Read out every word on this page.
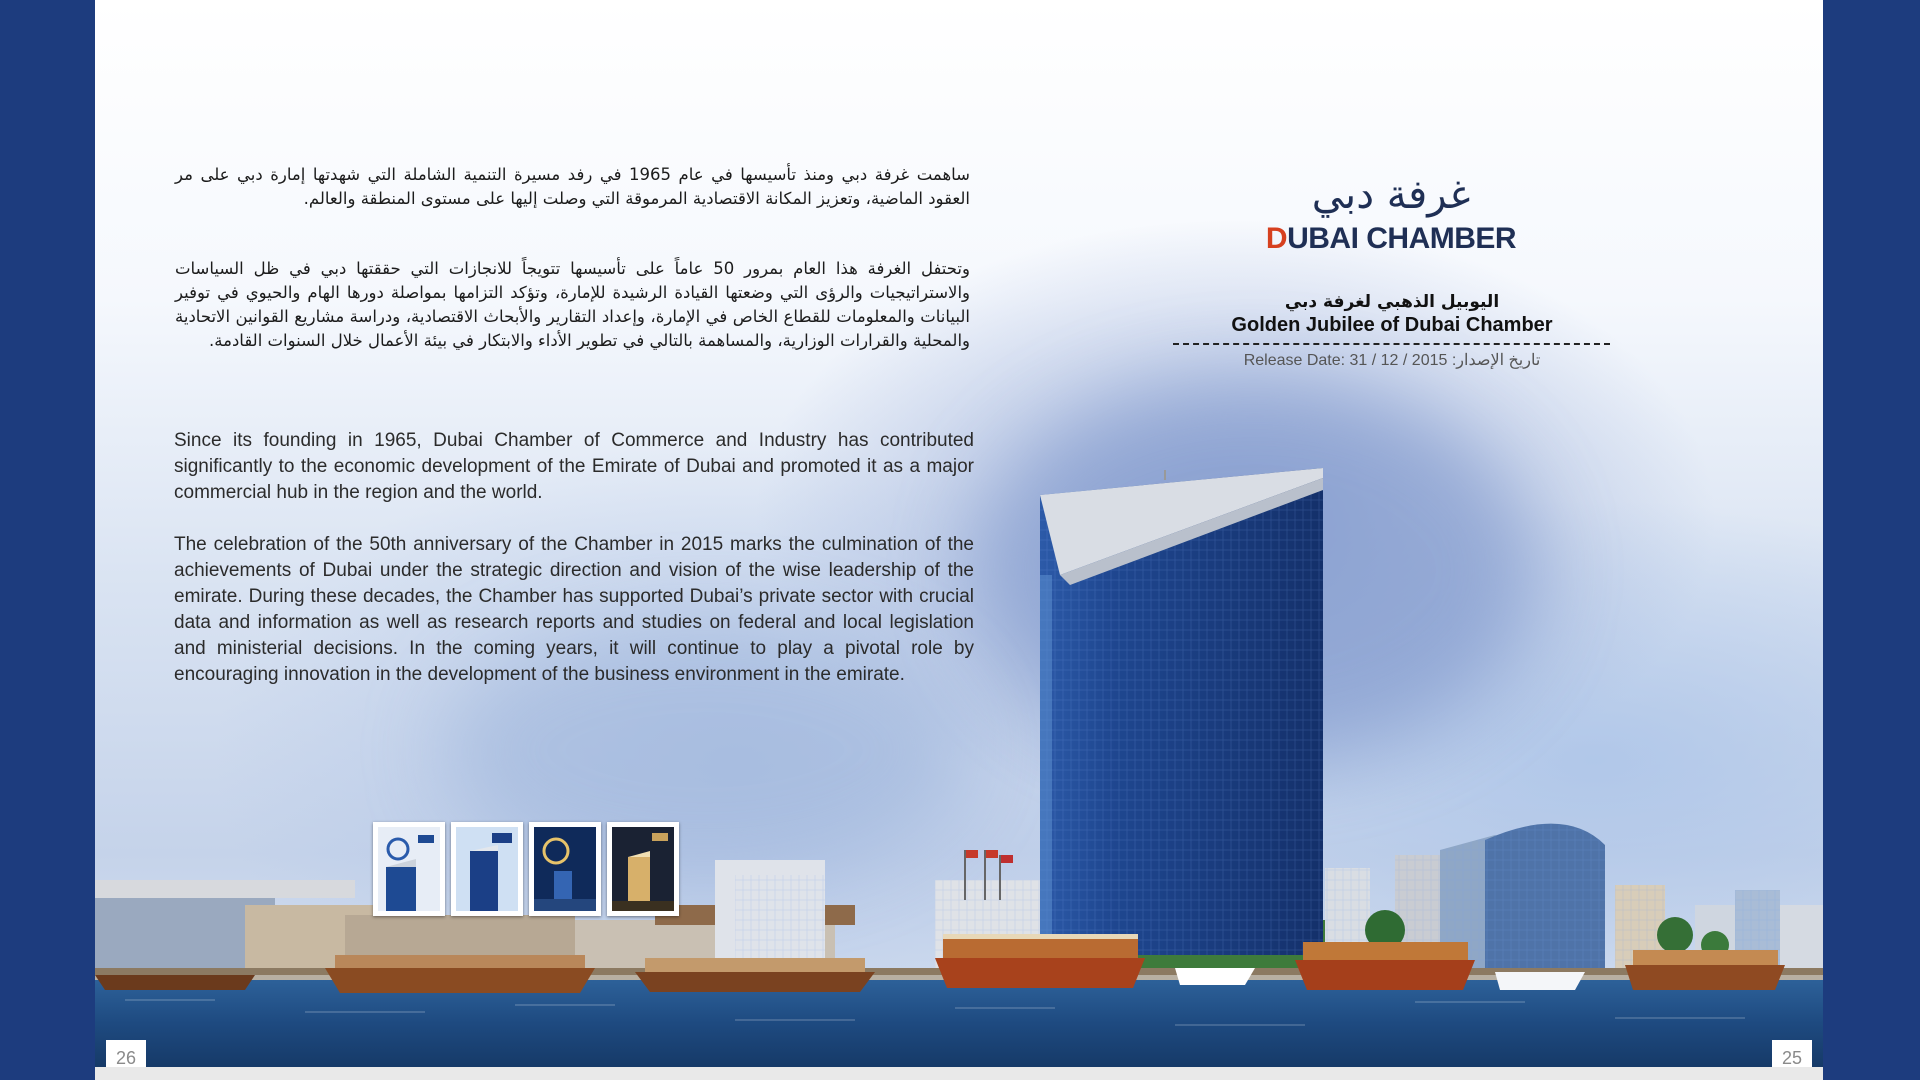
ساهمت غرفة دبي ومنذ تأسيسها في عام 1965 في رفد مسيرة التنمية الشاملة التي شهدتها إمارة دبي على مر العقود الماضية، وتعزيز المكانة الاقتصادية المرموقة التي وصلت إليها على مستوى المنطقة والعالم.
وتحتفل الغرفة هذا العام بمرور 50 عاماً على تأسيسها تتويجاً للانجازات التي حققتها دبي في ظل السياسات والاستراتيجيات والرؤى التي وضعتها القيادة الرشيدة للإمارة، وتؤكد التزامها بمواصلة دورها الهام والحيوي في توفير البيانات والمعلومات للقطاع الخاص في الإمارة، وإعداد التقارير والأبحاث الاقتصادية، ودراسة مشاريع القوانين الاتحادية والمحلية والقرارات الوزارية، والمساهمة بالتالي في تطوير الأداء والابتكار في بيئة الأعمال خلال السنوات القادمة.
Since its founding in 1965, Dubai Chamber of Commerce and Industry has contributed significantly to the economic development of the Emirate of Dubai and promoted it as a major commercial hub in the region and the world.
The celebration of the 50th anniversary of the Chamber in 2015 marks the culmination of the achievements of Dubai under the strategic direction and vision of the wise leadership of the emirate. During these decades, the Chamber has supported Dubai’s private sector with crucial data and information as well as research reports and studies on federal and local legislation and ministerial decisions. In the coming years, it will continue to play a pivotal role by encouraging innovation in the development of the business environment in the emirate.
غرفة دبي
DUBAI CHAMBER
اليوبيل الذهبي لغرفة دبي
Golden Jubilee of Dubai Chamber
Release Date: 31 / 12 / 2015 :تاريخ الإصدار
26	25
